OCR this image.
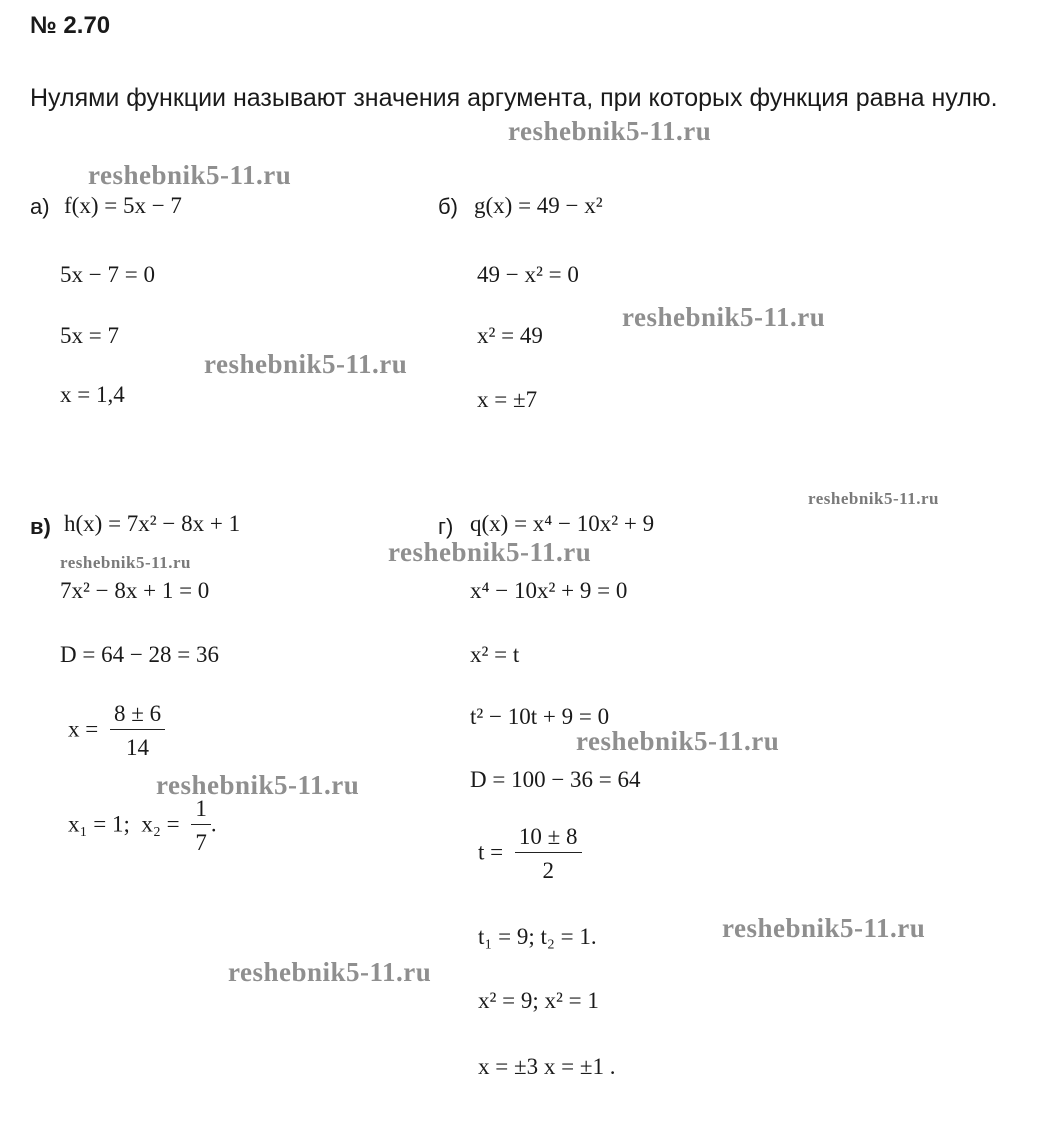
№ 2.70
Нулями функции называют значения аргумента, при которых функция равна нулю.
а) f(x) = 5x − 7
5x − 7 = 0
5x = 7
x = 1,4
б) g(x) = 49 − x²
49 − x² = 0
x² = 49
x = ±7
в) h(x) = 7x² − 8x + 1
7x² − 8x + 1 = 0
D = 64 − 28 = 36
$x = \frac{8 \pm 6}{14}$
x₁ = 1; $x_2 = \frac{1}{7}$ .
г) q(x) = x⁴ − 10x² + 9
x⁴ − 10x² + 9 = 0
x² = t
t² − 10t + 9 = 0
D = 100 − 36 = 64
$t = \frac{10 \pm 8}{2}$
t₁ = 9; t₂ = 1.
x² = 9; x² = 1
x = ±3 x = ±1 .
reshebnik5-11.ru
reshebnik5-11.ru
reshebnik5-11.ru
reshebnik5-11.ru
reshebnik5-11.ru
reshebnik5-11.ru
reshebnik5-11.ru
reshebnik5-11.ru
reshebnik5-11.ru
reshebnik5-11.ru
reshebnik5-11.ru
